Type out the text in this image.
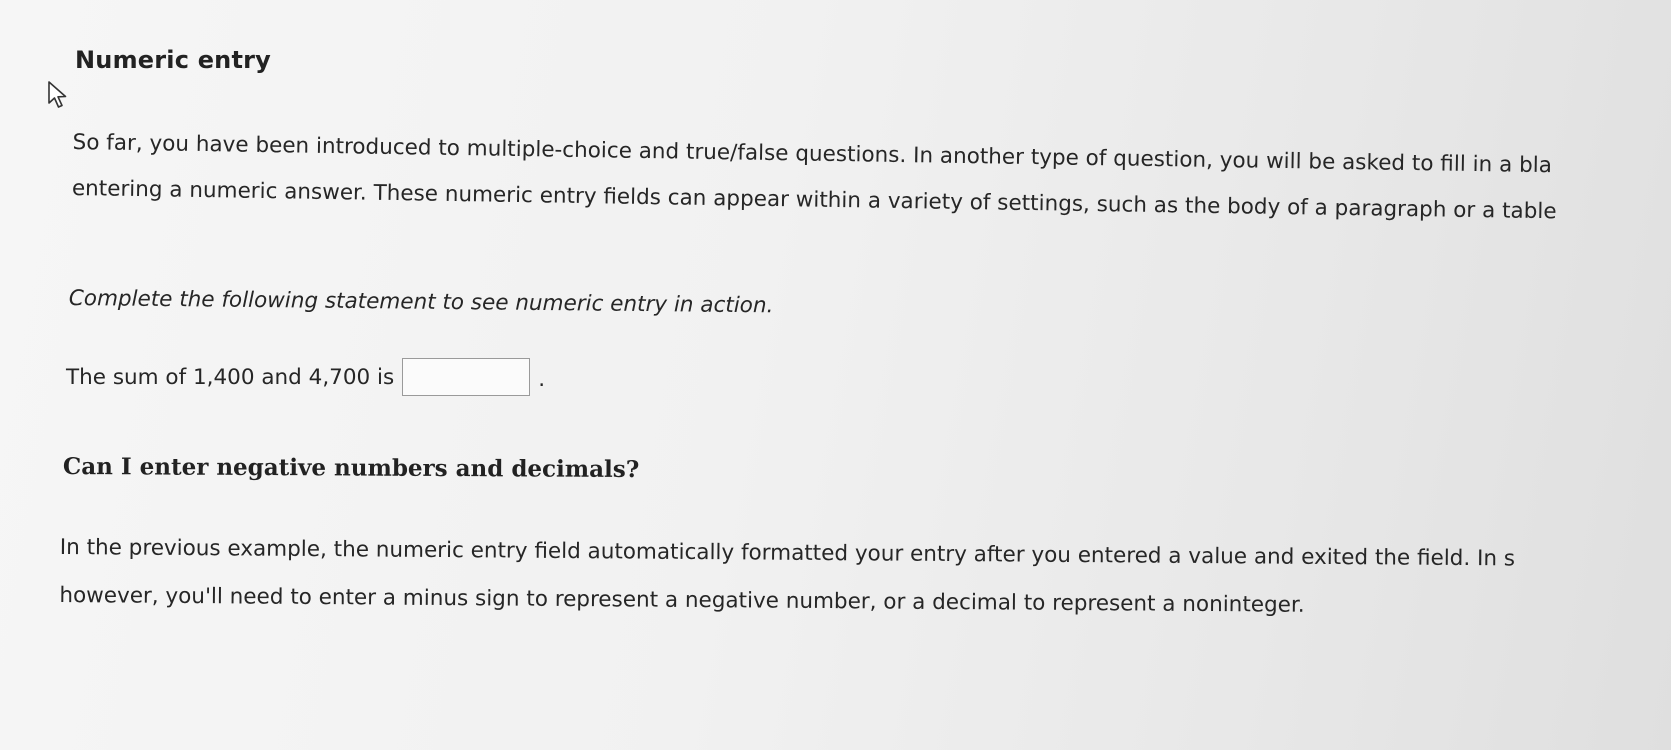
Numeric entry

So far, you have been introduced to multiple-choice and true/false questions. In another type of question, you will be asked to fill in a bla
entering a numeric answer. These numeric entry fields can appear within a variety of settings, such as the body of a paragraph or a table

Complete the following statement to see numeric entry in action.

The sum of 1,400 and 4,700 is	.

Can I enter negative numbers and decimals?

In the previous example, the numeric entry field automatically formatted your entry after you entered a value and exited the field. In s
however, you'll need to enter a minus sign to represent a negative number, or a decimal to represent a noninteger.
